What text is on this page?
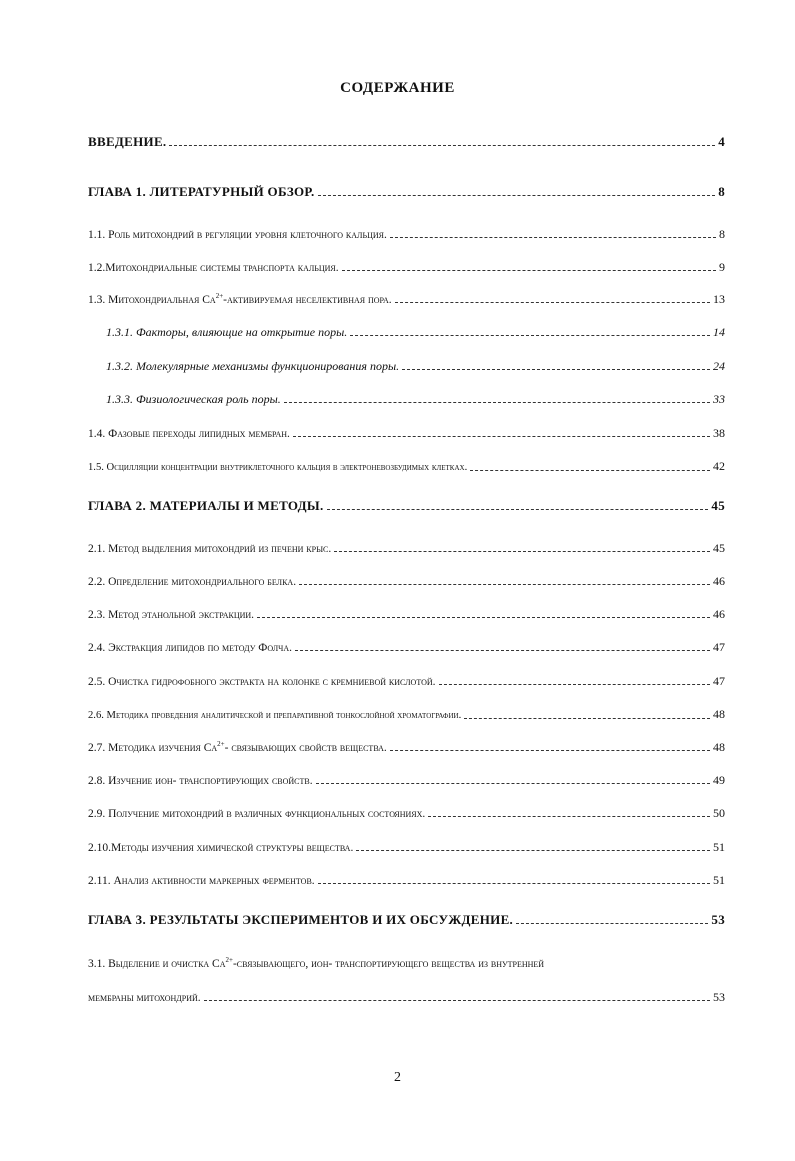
СОДЕРЖАНИЕ
ВВЕДЕНИЕ.	4
ГЛАВА 1. ЛИТЕРАТУРНЫЙ ОБЗОР.	8
1.1. Роль митохондрий в регуляции уровня клеточного кальция.	8
1.2.Митохондриальные системы транспорта кальция.	9
1.3. Митохондриальная $Са^{2+}$-активируемая неселективная пора.	13
1.3.1. Факторы, влияющие на открытие поры.	14
1.3.2. Молекулярные механизмы функционирования поры.	24
1.3.3. Физиологическая роль поры.	33
1.4. Фазовые переходы липидных мембран.	38
1.5. Осцилляции концентрации внутриклеточного кальция в электроневозбудимых клетках.	42
ГЛАВА 2. МАТЕРИАЛЫ И МЕТОДЫ.	45
2.1. Метод выделения митохондрий из печени крыс.	45
2.2. Определение митохондриального белка.	46
2.3. Метод этанольной экстракции.	46
2.4. Экстракция липидов по методу Фолча.	47
2.5. Очистка гидрофобного экстракта на колонке с кремниевой кислотой.	47
2.6. Методика проведения аналитической и препаративной тонкослойной хроматографии.	48
2.7. Методика изучения $Са^{2+}-$ связывающих свойств вещества.	48
2.8. Изучение ион- транспортирующих свойств.	49
2.9. Получение митохондрий в различных функциональных состояниях.	50
2.10.Методы изучения химической структуры вещества.	51
2.11. Анализ активности маркерных ферментов.	51
ГЛАВА 3. РЕЗУЛЬТАТЫ ЭКСПЕРИМЕНТОВ И ИХ ОБСУЖДЕНИЕ.	53
3.1. Выделение и очистка $Са^{2+}$-связывающего, ион- транспортирующего вещества из внутренней
мембраны митохондрий.	53
2
